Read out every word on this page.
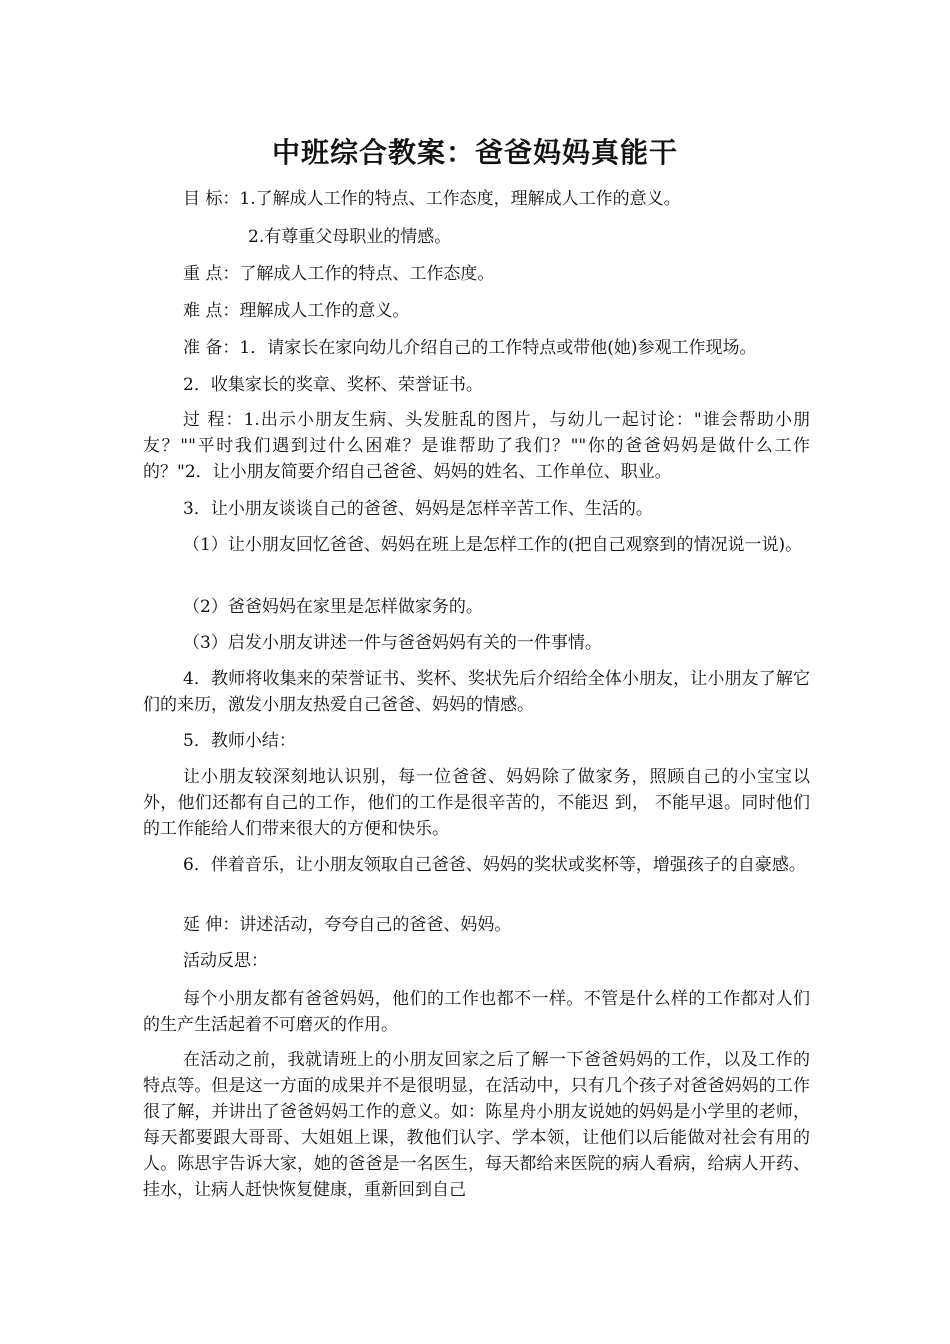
中班综合教案：爸爸妈妈真能干

目 标：1.了解成人工作的特点、工作态度，理解成人工作的意义。

2.有尊重父母职业的情感。

重 点：了解成人工作的特点、工作态度。

难 点：理解成人工作的意义。

准 备：1．请家长在家向幼儿介绍自己的工作特点或带他(她)参观工作现场。

2．收集家长的奖章、奖杯、荣誉证书。

过 程：1.出示小朋友生病、头发脏乱的图片，与幼儿一起讨论："谁会帮助小朋友？""平时我们遇到过什么困难？是谁帮助了我们？""你的爸爸妈妈是做什么工作的？"2．让小朋友简要介绍自己爸爸、妈妈的姓名、工作单位、职业。

3．让小朋友谈谈自己的爸爸、妈妈是怎样辛苦工作、生活的。

（1）让小朋友回忆爸爸、妈妈在班上是怎样工作的(把自己观察到的情况说一说)。

（2）爸爸妈妈在家里是怎样做家务的。

（3）启发小朋友讲述一件与爸爸妈妈有关的一件事情。

4．教师将收集来的荣誉证书、奖杯、奖状先后介绍给全体小朋友，让小朋友了解它们的来历，激发小朋友热爱自己爸爸、妈妈的情感。

5．教师小结：

让小朋友较深刻地认识别，每一位爸爸、妈妈除了做家务，照顾自己的小宝宝以外，他们还都有自己的工作，他们的工作是很辛苦的，不能迟 到， 不能早退。同时他们的工作能给人们带来很大的方便和快乐。

6．伴着音乐，让小朋友领取自己爸爸、妈妈的奖状或奖杯等，增强孩子的自豪感。

延 伸：讲述活动，夸夸自己的爸爸、妈妈。

活动反思：

每个小朋友都有爸爸妈妈，他们的工作也都不一样。不管是什么样的工作都对人们的生产生活起着不可磨灭的作用。

在活动之前，我就请班上的小朋友回家之后了解一下爸爸妈妈的工作，以及工作的特点等。但是这一方面的成果并不是很明显，在活动中，只有几个孩子对爸爸妈妈的工作很了解，并讲出了爸爸妈妈工作的意义。如：陈星舟小朋友说她的妈妈是小学里的老师，每天都要跟大哥哥、大姐姐上课，教他们认字、学本领，让他们以后能做对社会有用的人。陈思宇告诉大家，她的爸爸是一名医生，每天都给来医院的病人看病，给病人开药、挂水，让病人赶快恢复健康，重新回到自己
